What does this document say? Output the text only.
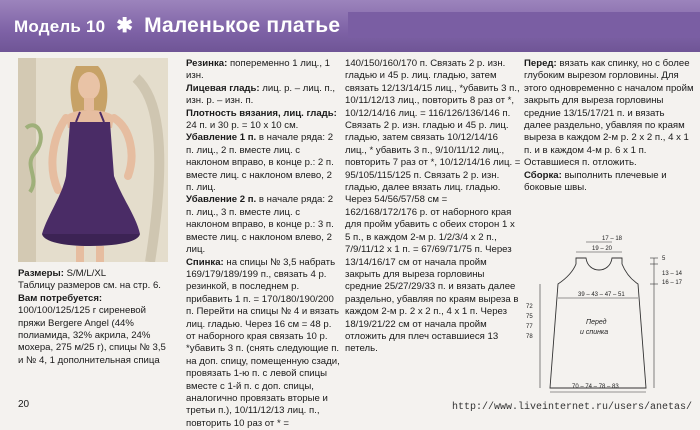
Модель 10 ✱ Маленькое платье

Размеры: S/M/L/XL

Таблицу размеров см. на стр. 6.

Вам потребуется: 100/100/125/125 г сиреневой пряжи Bergere Angel (44% полиамида, 32% акрила, 24% мохера, 275 м/25 г), спицы № 3,5 и № 4, 1 дополнительная спица

Резинка: попеременно 1 лиц., 1 изн.

Лицевая гладь: лиц. р. – лиц. п., изн. р. – изн. п.

Плотность вязания, лиц. гладь: 24 п. и 30 р. = 10 х 10 см.

Убавление 1 п. в начале ряда: 2 п. лиц., 2 п. вместе лиц. с наклоном вправо, в конце р.: 2 п. вместе лиц. с наклоном влево, 2 п. лиц.

Убавление 2 п. в начале ряда: 2 п. лиц., 3 п. вместе лиц. с наклоном вправо, в конце р.: 3 п. вместе лиц. с наклоном влево, 2 лиц.

Спинка: на спицы № 3,5 набрать 169/179/189/199 п., связать 4 р. резинкой, в последнем р. прибавить 1 п. = 170/180/190/200 п. Перейти на спицы № 4 и вязать лиц. гладью. Через 16 см = 48 р. от наборного края связать 10 р. *убавить 3 п. (снять следующие п. на доп. спицу, помещенную сзади, провязать 1-ю п. с левой спицы вместе с 1-й п. с доп. спицы, аналогично провязать вторые и третьи п.), 10/11/12/13 лиц. п., повторить 10 раз от * =

140/150/160/170 п. Связать 2 р. изн. гладью и 45 р. лиц. гладью, затем связать 12/13/14/15 лиц., *убавить 3 п., 10/11/12/13 лиц., повторить 8 раз от *, 10/12/14/16 лиц. = 116/126/136/146 п. Связать 2 р. изн. гладью и 45 р. лиц. гладью, затем связать 10/12/14/16 лиц., * убавить 3 п., 9/10/11/12 лиц., повторить 7 раз от *, 10/12/14/16 лиц. = 95/105/115/125 п. Связать 2 р. изн. гладью, далее вязать лиц. гладью. Через 54/56/57/58 см = 162/168/172/176 р. от наборного края для пройм убавить с обеих сторон 1 х 5 п., в каждом 2-м р. 1/2/3/4 х 2 п., 7/9/11/12 х 1 п. = 67/69/71/75 п. Через 13/14/16/17 см от начала пройм закрыть для выреза горловины средние 25/27/29/33 п. и вязать далее раздельно, убавляя по краям выреза в каждом 2-м р. 2 х 2 п., 4 х 1 п. Через 18/19/21/22 см от начала пройм отложить для плеч оставшиеся 13 петель.

Перед: вязать как спинку, но с более глубоким вырезом горловины. Для этого одновременно с началом пройм закрыть для выреза горловины средние 13/15/17/21 п. и вязать далее раздельно, убавляя по краям выреза в каждом 2-м р. 2 х 2 п., 4 х 1 п. и в каждом 4-м р. 6 х 1 п. Оставшиеся п. отложить.

Сборка: выполнить плечевые и боковые швы.

17 – 18
19 – 20
39 – 43 – 47 – 51
Перед
и спинка
70 – 74 – 78 – 83
5
13 – 14
16 – 17
72
75
77
78
20	http://www.liveinternet.ru/users/anetas/
